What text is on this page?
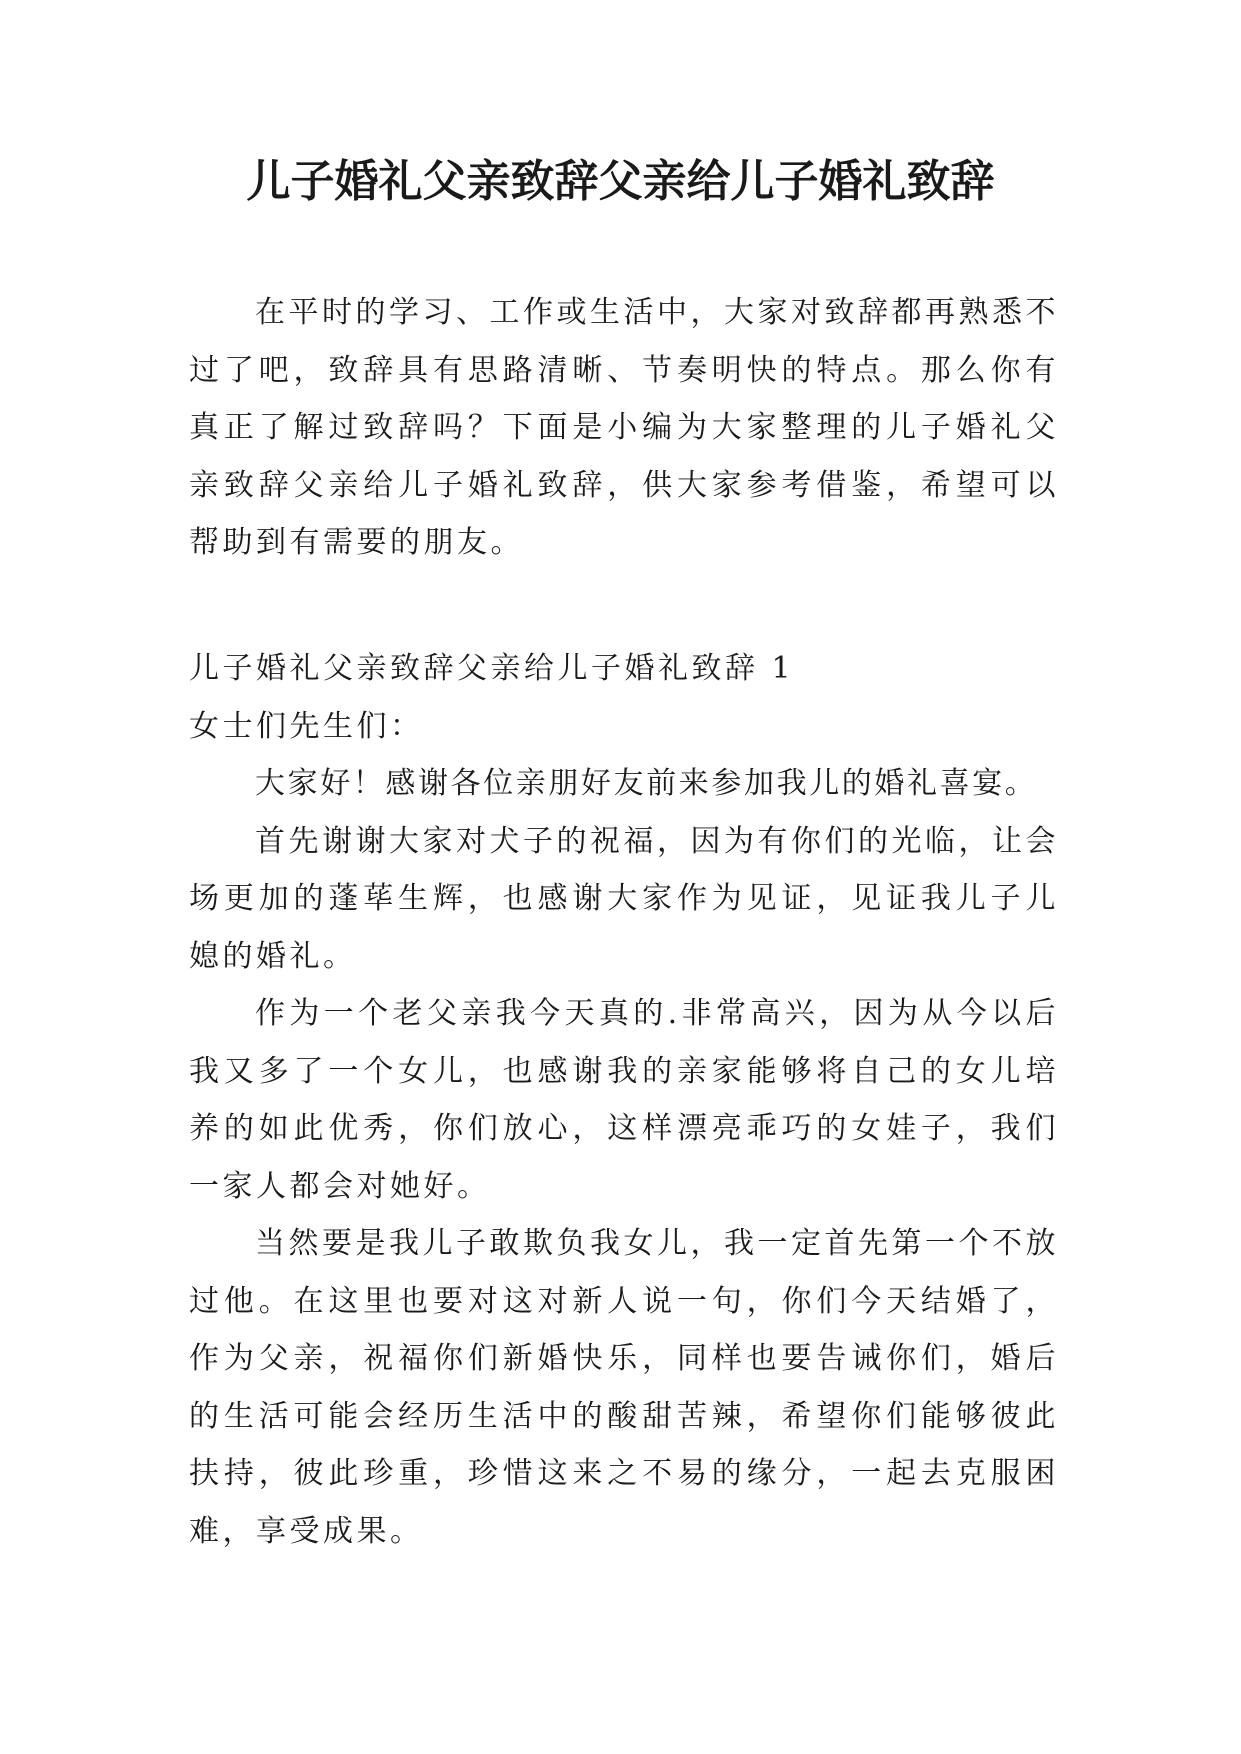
儿子婚礼父亲致辞父亲给儿子婚礼致辞

在平时的学习、工作或生活中，大家对致辞都再熟悉不过了吧，致辞具有思路清晰、节奏明快的特点。那么你有真正了解过致辞吗？下面是小编为大家整理的儿子婚礼父亲致辞父亲给儿子婚礼致辞，供大家参考借鉴，希望可以帮助到有需要的朋友。

儿子婚礼父亲致辞父亲给儿子婚礼致辞 1

女士们先生们：

大家好！感谢各位亲朋好友前来参加我儿的婚礼喜宴。

首先谢谢大家对犬子的祝福，因为有你们的光临，让会场更加的蓬荜生辉，也感谢大家作为见证，见证我儿子儿媳的婚礼。

作为一个老父亲我今天真的.非常高兴，因为从今以后我又多了一个女儿，也感谢我的亲家能够将自己的女儿培养的如此优秀，你们放心，这样漂亮乖巧的女娃子，我们一家人都会对她好。

当然要是我儿子敢欺负我女儿，我一定首先第一个不放过他。在这里也要对这对新人说一句，你们今天结婚了，作为父亲，祝福你们新婚快乐，同样也要告诫你们，婚后的生活可能会经历生活中的酸甜苦辣，希望你们能够彼此扶持，彼此珍重，珍惜这来之不易的缘分，一起去克服困难，享受成果。
